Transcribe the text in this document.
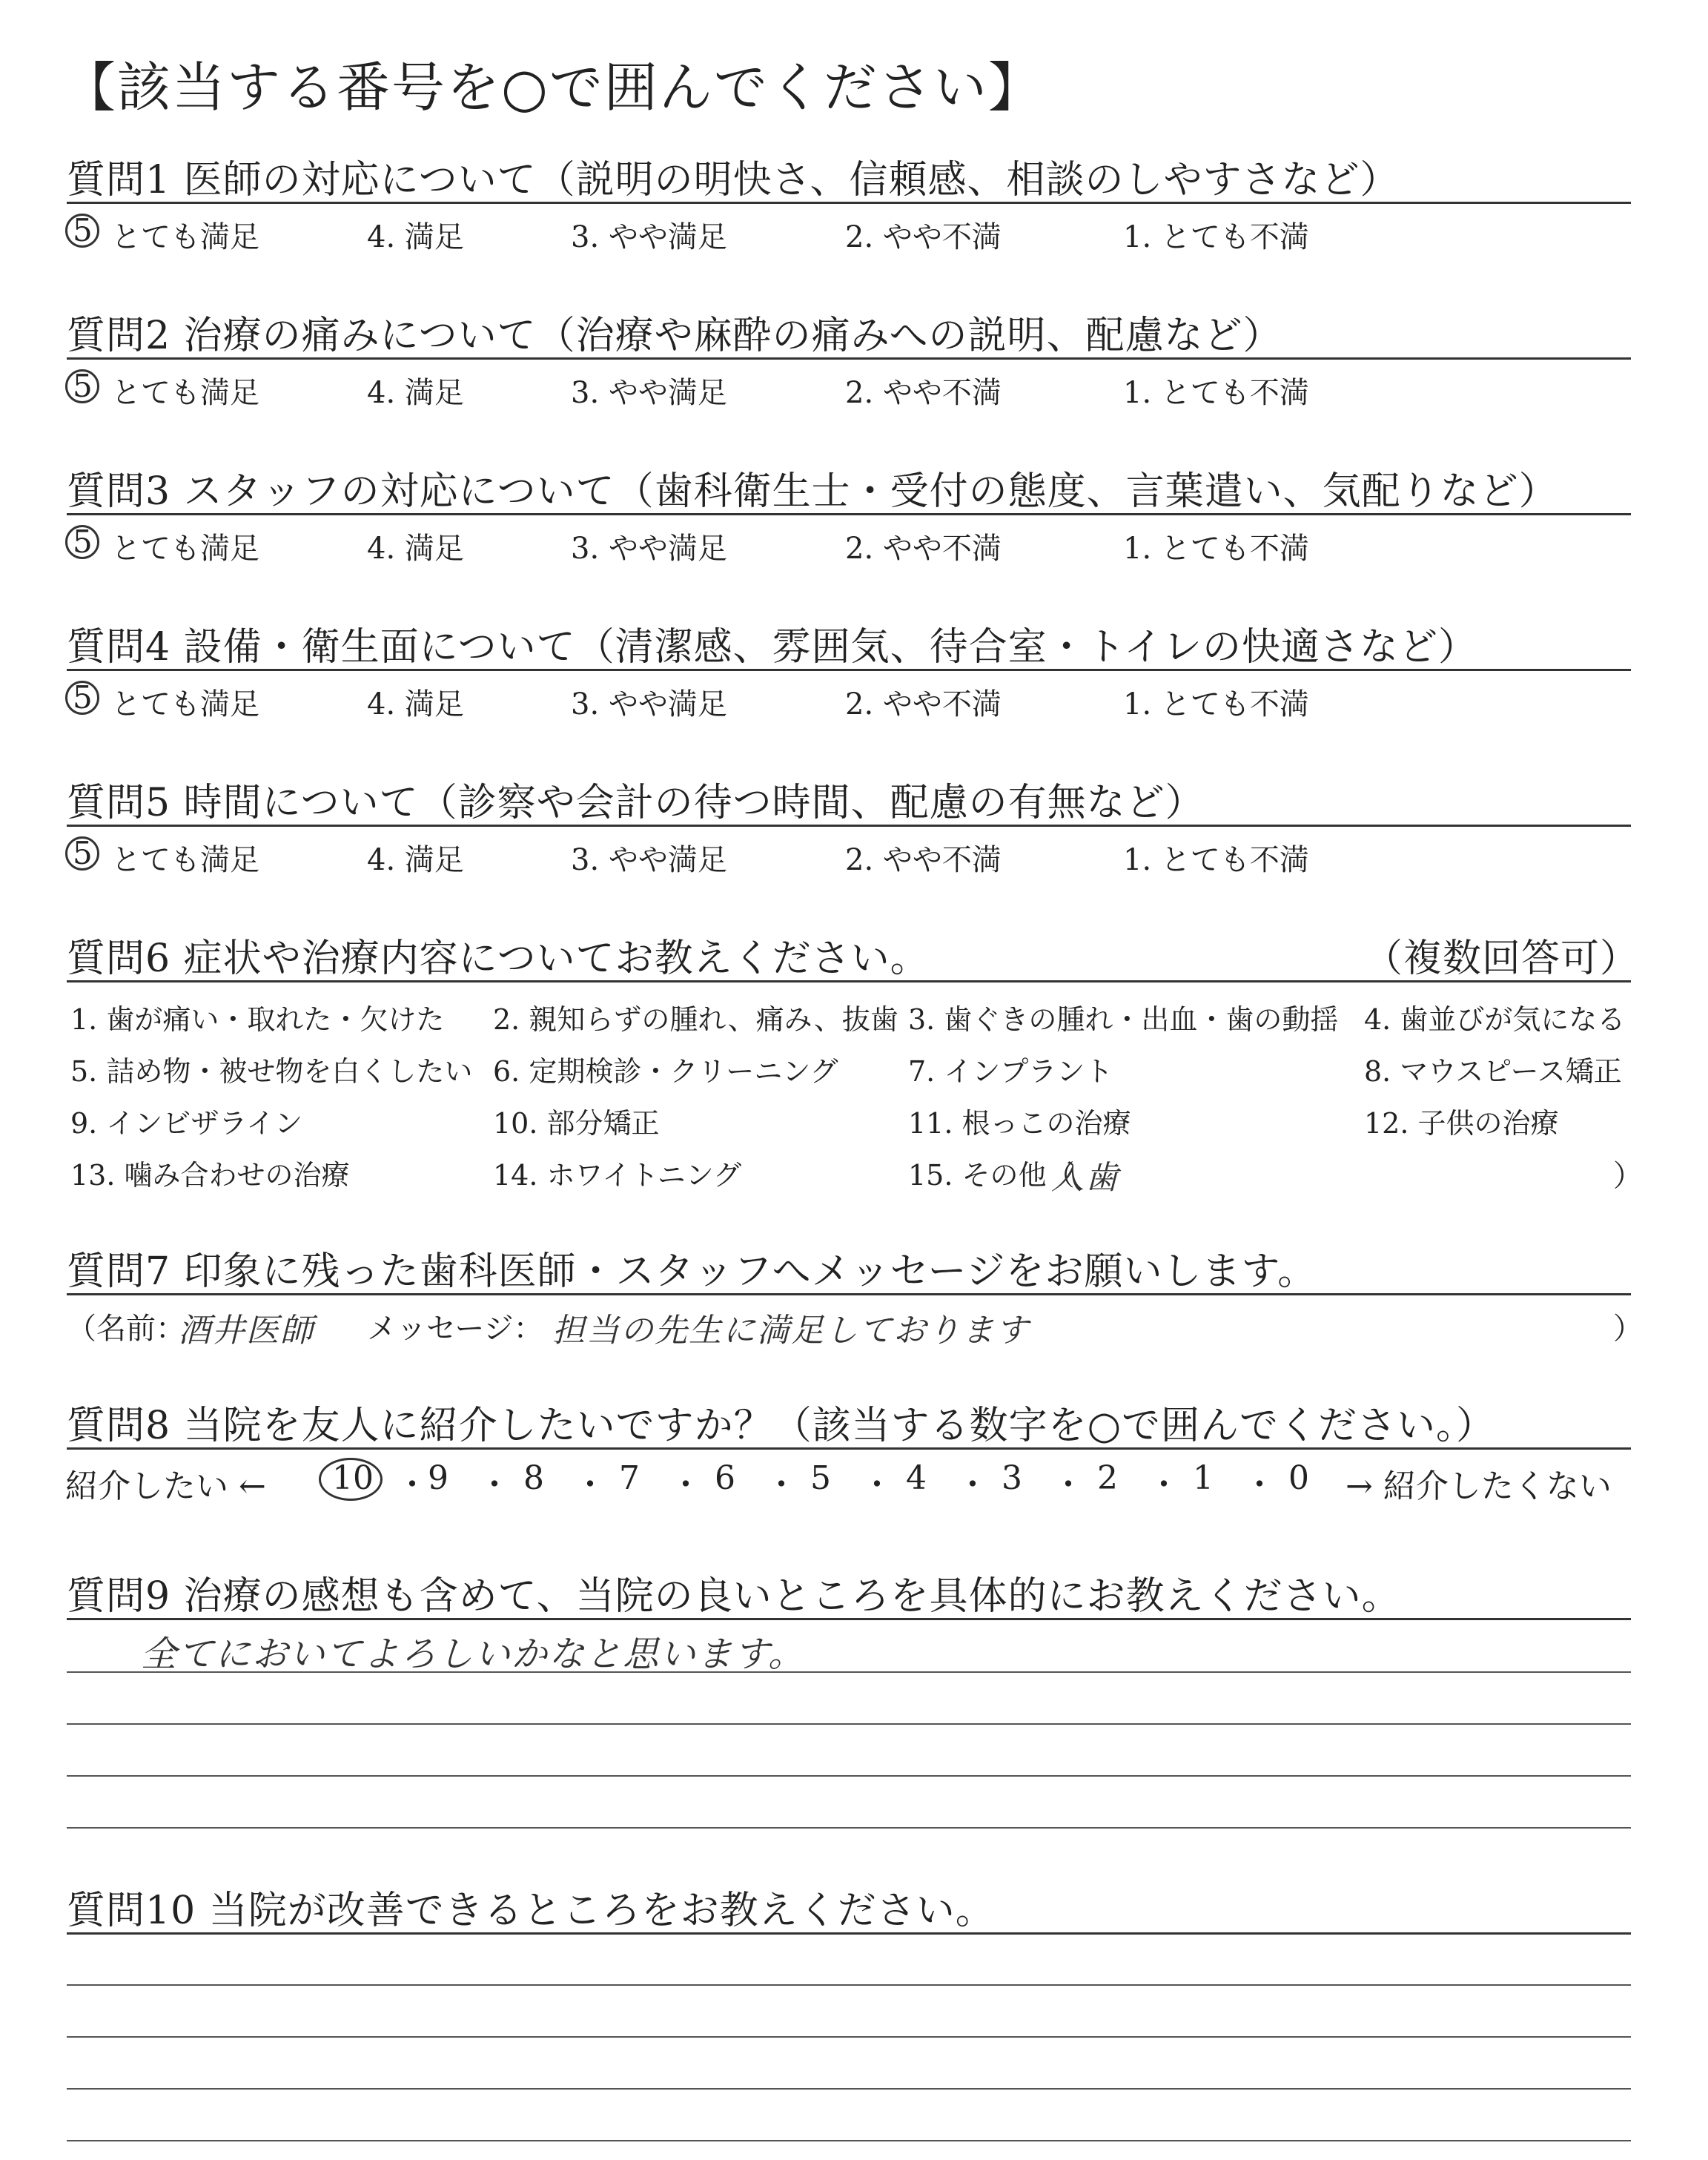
【該当する番号を○で囲んでください】
質問1 医師の対応について（説明の明快さ、信頼感、相談のしやすさなど）
5 とても満足	4. 満足	3. やや満足	2. やや不満	1. とても不満
質問2 治療の痛みについて（治療や麻酔の痛みへの説明、配慮など）
5 とても満足	4. 満足	3. やや満足	2. やや不満	1. とても不満
質問3 スタッフの対応について（歯科衛生士・受付の態度、言葉遣い、気配りなど）
5 とても満足	4. 満足	3. やや満足	2. やや不満	1. とても不満
質問4 設備・衛生面について（清潔感、雰囲気、待合室・トイレの快適さなど）
5 とても満足	4. 満足	3. やや満足	2. やや不満	1. とても不満
質問5 時間について（診察や会計の待つ時間、配慮の有無など）
5 とても満足	4. 満足	3. やや満足	2. やや不満	1. とても不満
質問6 症状や治療内容についてお教えください。	（複数回答可）
1. 歯が痛い・取れた・欠けた 2. 親知らずの腫れ、痛み、抜歯 3. 歯ぐきの腫れ・出血・歯の動揺 4. 歯並びが気になる
5. 詰め物・被せ物を白くしたい 6. 定期検診・クリーニング 7. インプラント	8. マウスピース矯正
9. インビザライン	10. 部分矯正	11. 根っこの治療	12. 子供の治療
13. 噛み合わせの治療	14. ホワイトニング	15. その他（
入歯	）
質問7 印象に残った歯科医師・スタッフへメッセージをお願いします。
（名前：
酒井医師 メッセージ： 担当の先生に満足しております	）
質問8 当院を友人に紹介したいですか？（該当する数字を○で囲んでください。）
紹介したい ← 10 ・ 9 ・ 8 ・ 7 ・ 6 ・ 5 ・ 4 ・ 3 ・ 2 ・ 1 ・ 0 → 紹介したくない
質問9 治療の感想も含めて、当院の良いところを具体的にお教えください。
全てにおいてよろしいかなと思います。
質問10 当院が改善できるところをお教えください。
